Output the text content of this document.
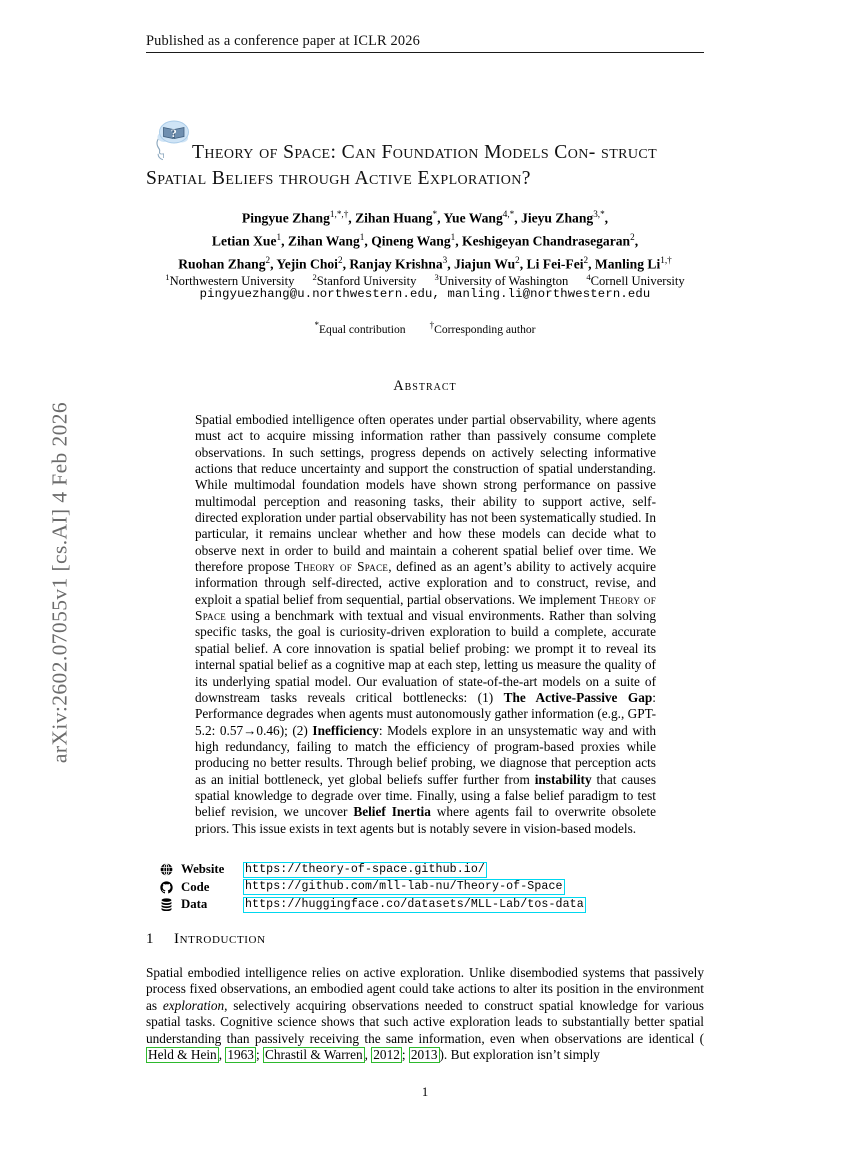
arXiv:2602.07055v1 [cs.AI] 4 Feb 2026
Published as a conference paper at ICLR 2026
?
Theory of Space: Can Foundation Models Con- struct Spatial Beliefs through Active Exploration?
Pingyue Zhang$^{1,*,\dagger}$, Zihan Huang*, Yue Wang$^{4,*}$, Jieyu Zhang$^{3,*}$,
Letian Xue$^1$, Zihan Wang$^1$, Qineng Wang$^1$, Keshigeyan Chandrasegaran$^2$,
Ruohan Zhang$^2$, Yejin Choi$^2$, Ranjay Krishna$^3$, Jiajun Wu$^2$, Li Fei-Fei$^2$, Manling $Li^{1,\dagger}$
$^1$Northwestern University $^2$Stanford University $^3$University of Washington $^4$Cornell University
pingyuezhang@u.northwestern.edu, manling.li@northwestern.edu
*Equal contribution	†Corresponding author
Abstract
Spatial embodied intelligence often operates under partial observability, where agents must act to acquire missing information rather than passively consume complete observations. In such settings, progress depends on actively selecting informative actions that reduce uncertainty and support the construction of spatial understanding. While multimodal foundation models have shown strong performance on passive multimodal perception and reasoning tasks, their ability to support active, self-directed exploration under partial observability has not been systematically studied. In particular, it remains unclear whether and how these models can decide what to observe next in order to build and maintain a coherent spatial belief over time. We therefore propose Theory of Space, defined as an agent’s ability to actively acquire information through self-directed, active exploration and to construct, revise, and exploit a spatial belief from sequential, partial observations. We implement Theory of Space using a benchmark with textual and visual environments. Rather than solving specific tasks, the goal is curiosity-driven exploration to build a complete, accurate spatial belief. A core innovation is spatial belief probing: we prompt it to reveal its internal spatial belief as a cognitive map at each step, letting us measure the quality of its underlying spatial model. Our evaluation of state-of-the-art models on a suite of downstream tasks reveals critical bottlenecks: (1) The Active-Passive Gap: Performance degrades when agents must autonomously gather information (e.g., GPT-5.2: 0.57→0.46); (2) Inefficiency: Models explore in an unsystematic way and with high redundancy, failing to match the efficiency of program-based proxies while producing no better results. Through belief probing, we diagnose that perception acts as an initial bottleneck, yet global beliefs suffer further from instability that causes spatial knowledge to degrade over time. Finally, using a false belief paradigm to test belief revision, we uncover Belief Inertia where agents fail to overwrite obsolete priors. This issue exists in text agents but is notably severe in vision-based models.
Website	https://theory-of-space.github.io/
Code	https://github.com/mll-lab-nu/Theory-of-Space
Data	https://huggingface.co/datasets/MLL-Lab/tos-data
1 Introduction
Spatial embodied intelligence relies on active exploration. Unlike disembodied systems that passively process fixed observations, an embodied agent could take actions to alter its position in the environment as exploration, selectively acquiring observations needed to construct spatial knowledge for various spatial tasks. Cognitive science shows that such active exploration leads to substantially better spatial understanding than passively receiving the same information, even when observations are identical (Held & Hein , 1963 ; Chrastil & Warren , 2012 ; 2013 ). But exploration isn’t simply
1
